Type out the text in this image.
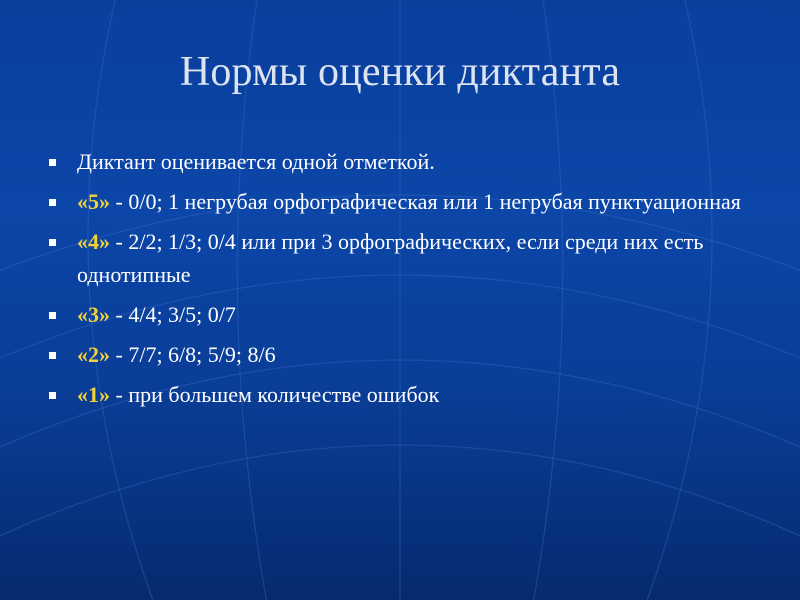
Нормы оценки диктанта
Диктант оценивается одной отметкой.
«5» - 0/0; 1 негрубая орфографическая или 1 негрубая пунктуационная
«4» - 2/2; 1/3; 0/4 или при 3 орфографических, если среди них есть однотипные
«3» - 4/4; 3/5; 0/7
«2» - 7/7; 6/8; 5/9; 8/6
«1» - при большем количестве ошибок
